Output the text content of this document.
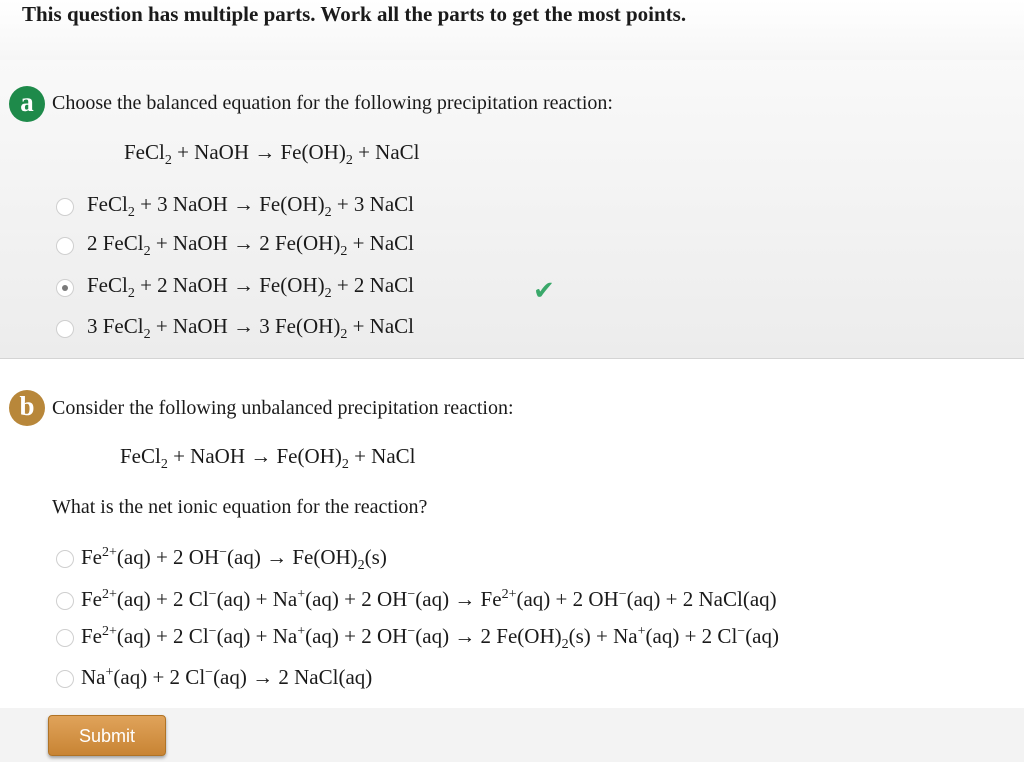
This question has multiple parts. Work all the parts to get the most points.
a Choose the balanced equation for the following precipitation reaction:
FeCl$_2$ + NaOH → $Fe(OH)_2$ + NaCl
FeCl$_2$ + 3 NaOH → $Fe(OH)_2 + 3$ NaCl
2 FeCl$_2$ + NaOH → 2 $Fe(OH)_2$ + NaCl
FeCl$_2$ + 2 NaOH → $Fe(OH)_2 + 2$ NaCl	✔
3 FeCl$_2$ + NaOH → 3 $Fe(OH)_2$ + NaCl
b Consider the following unbalanced precipitation reaction:
FeCl$_2$ + NaOH → $Fe(OH)_2$ + NaCl
What is the net ionic equation for the reaction?
$Fe^{2+}(aq) + 2$ $OH^-(aq) \to Fe(OH)_2(s)$
$Fe^{2+}(aq) + 2$ Cl−(aq) + Na+(aq) + 2 $OH^-(aq) \to Fe^{2+}(aq) + 2$ OH−(aq) + 2 NaCl(aq)
$Fe^{2+}(aq) + 2$ Cl−(aq) + Na+(aq) + 2 OH−(aq) → 2 $Fe(OH)_2(s) + Na^+(aq) + 2$ Cl−(aq)
Na+(aq) + 2 Cl−(aq) → 2 NaCl(aq)
Submit
